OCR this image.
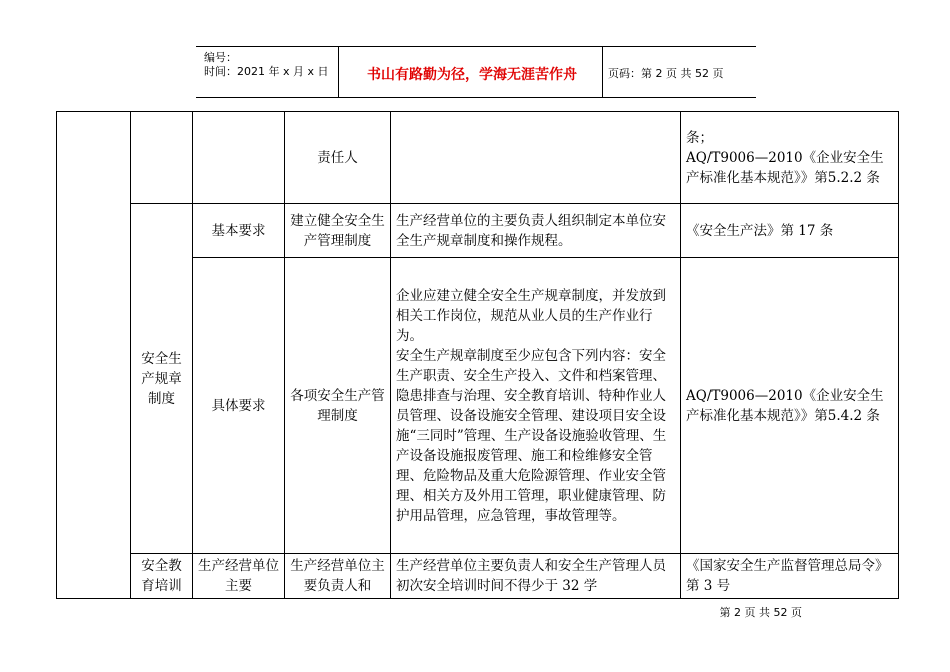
编号：
时间：2021 年 x 月 x 日	书山有路勤为径，学海无涯苦作舟	页码：第 2 页 共 52 页
			责任人		条；
AQ/T9006—2010《企业安全生产标准化基本规范》》第5.2.2 条
	安全生产规章制度	基本要求	建立健全安全生产管理制度	生产经营单位的主要负责人组织制定本单位安全生产规章制度和操作规程。	《安全生产法》第 17 条
		具体要求	各项安全生产管理制度	企业应建立健全安全生产规章制度，并发放到相关工作岗位，规范从业人员的生产作业行为。
安全生产规章制度至少应包含下列内容：安全生产职责、安全生产投入、文件和档案管理、隐患排查与治理、安全教育培训、特种作业人员管理、设备设施安全管理、建设项目安全设施“三同时”管理、生产设备设施验收管理、生产设备设施报废管理、施工和检维修安全管理、危险物品及重大危险源管理、作业安全管理、相关方及外用工管理，职业健康管理、防护用品管理，应急管理，事故管理等。	AQ/T9006—2010《企业安全生产标准化基本规范》》第5.4.2 条
	安全教育培训	生产经营单位主要	生产经营单位主要负责人和	生产经营单位主要负责人和安全生产管理人员初次安全培训时间不得少于 32 学	《国家安全生产监督管理总局令》第 3 号
第 2 页 共 52 页
